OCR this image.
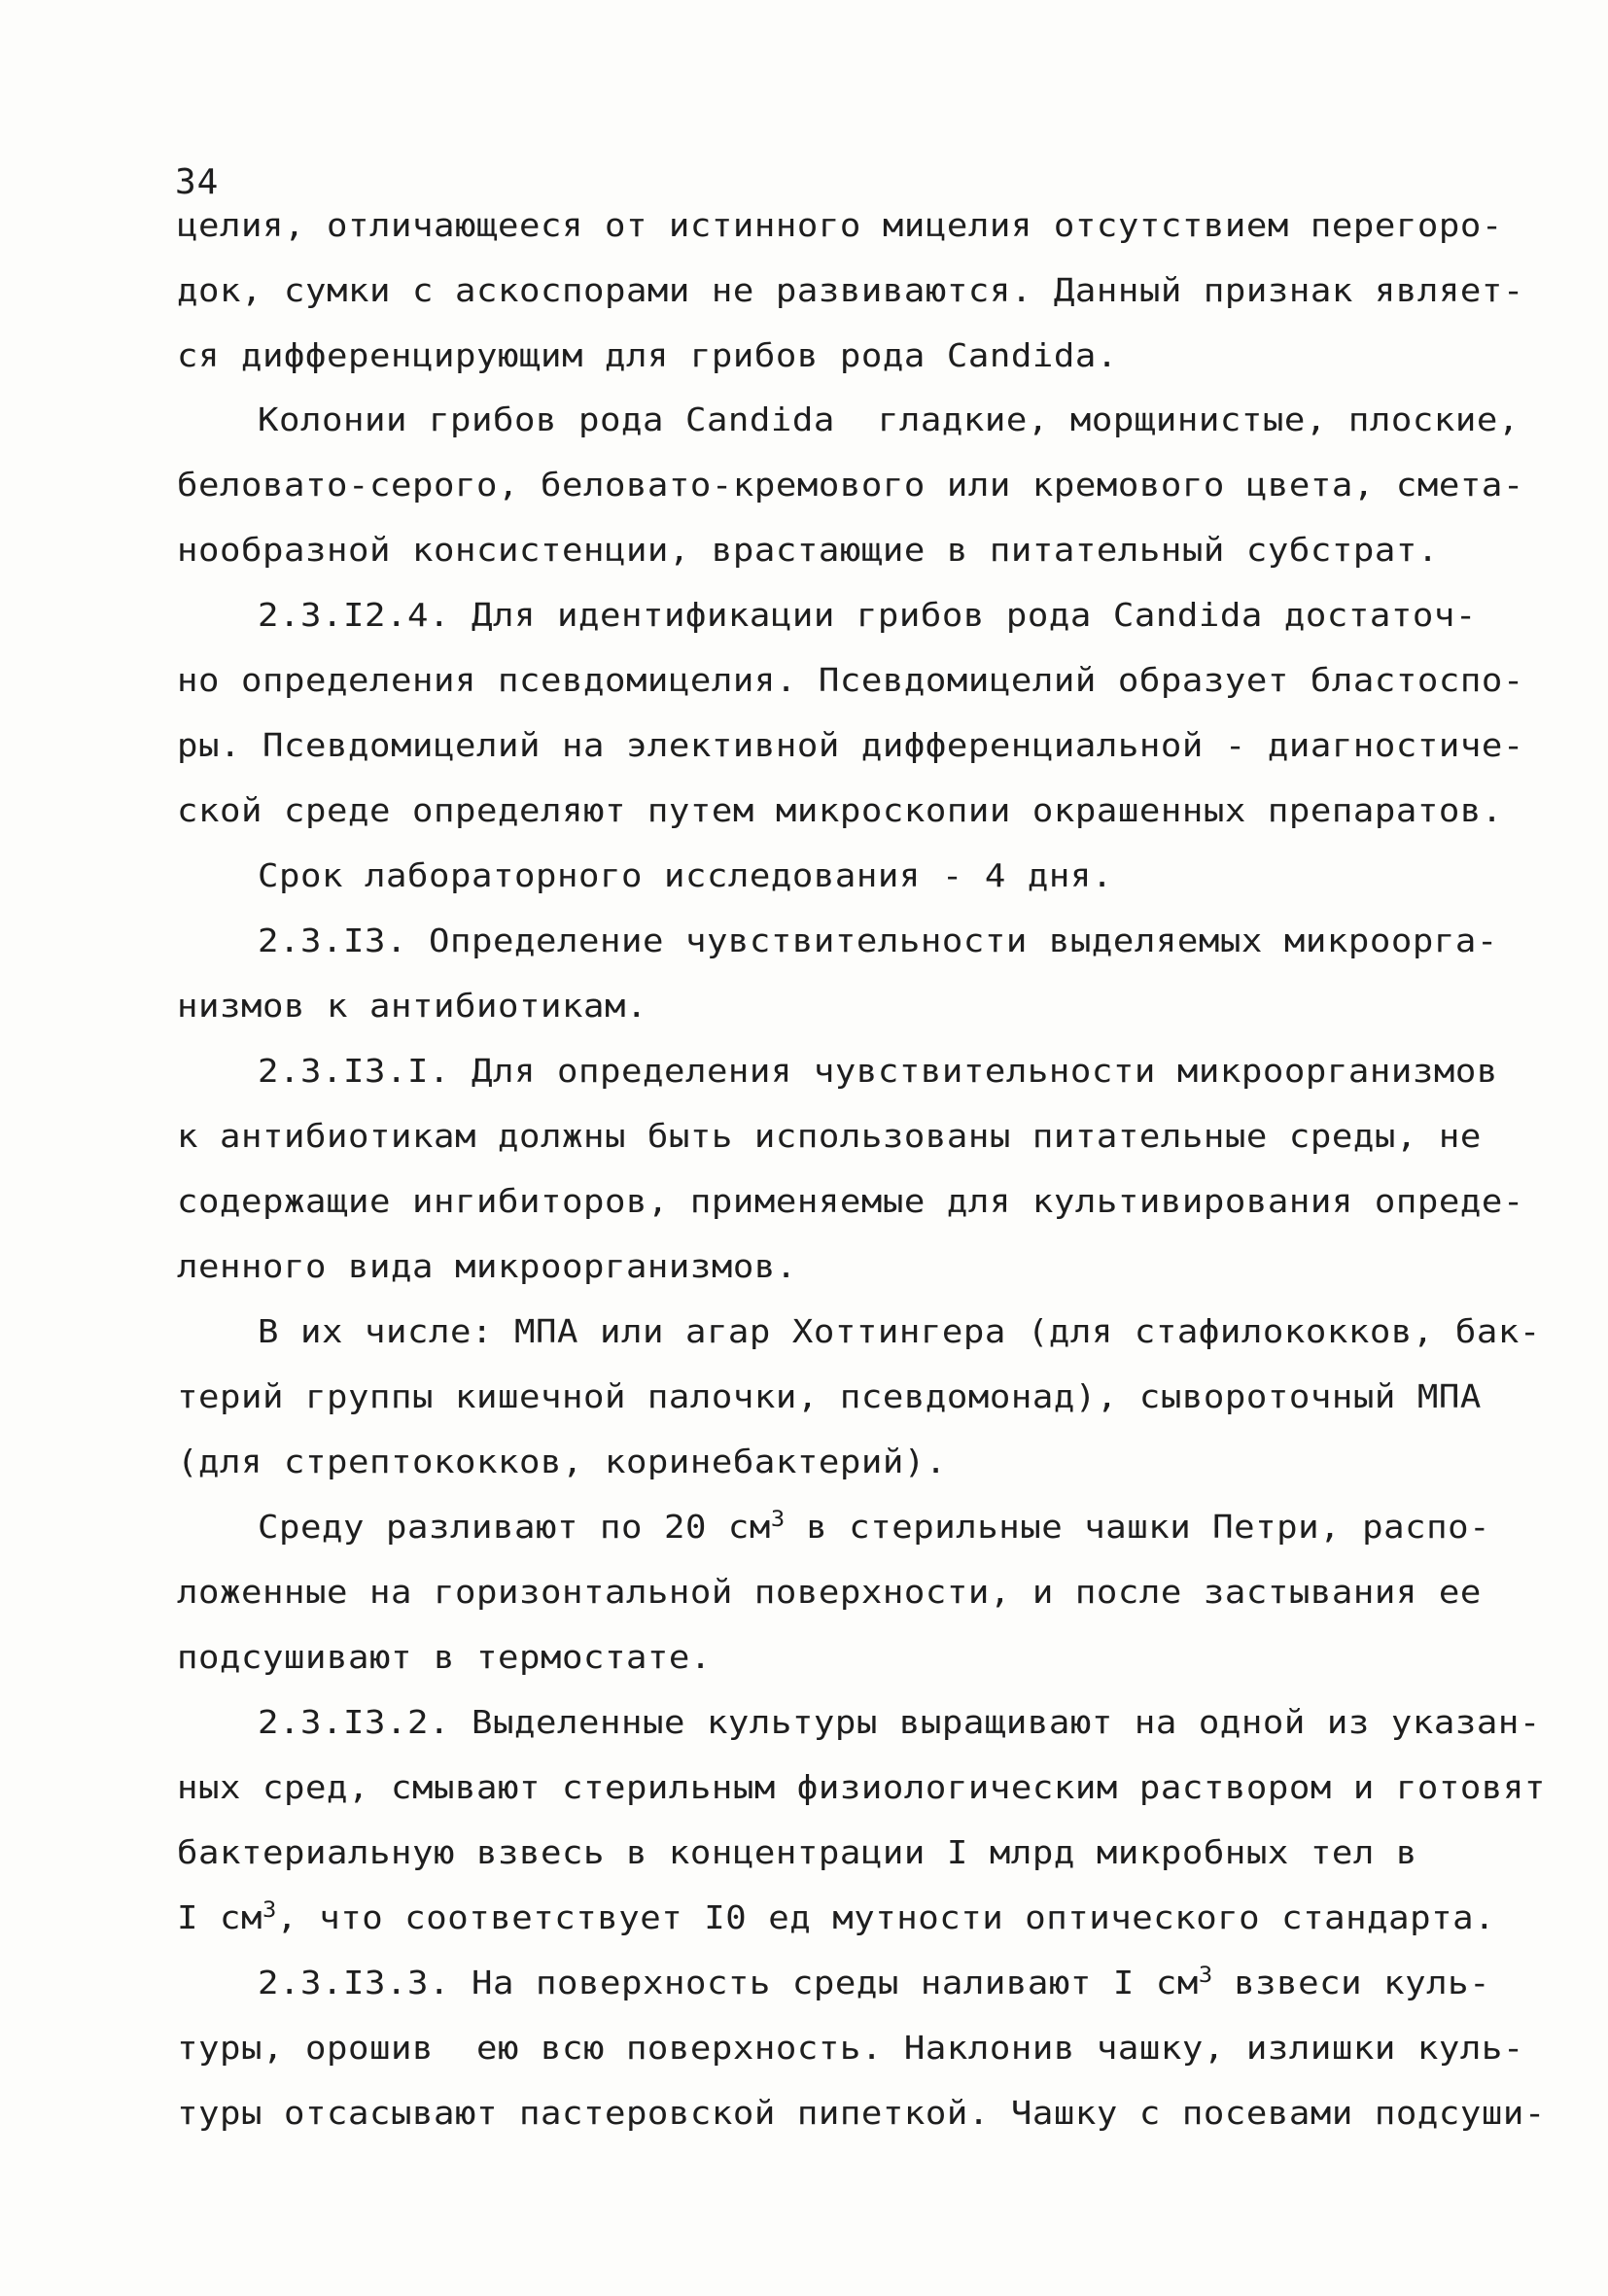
34
целия, отличающееся от истинного мицелия отсутствием перегоро-
док, сумки с аскоспорами не развиваются. Данный признак являет-
ся дифференцирующим для грибов рода Candida.
Колонии грибов рода Candida  гладкие, морщинистые, плоские,
беловато-серого, беловато-кремового или кремового цвета, смета-
нообразной консистенции, врастающие в питательный субстрат.
2.3.I2.4. Для идентификации грибов рода Candida достаточ-
но определения псевдомицелия. Псевдомицелий образует бластоспо-
ры. Псевдомицелий на элективной дифференциальной - диагностиче-
ской среде определяют путем микроскопии окрашенных препаратов.
Срок лабораторного исследования - 4 дня.
2.3.I3. Определение чувствительности выделяемых микроорга-
низмов к антибиотикам.
2.3.I3.I. Для определения чувствительности микроорганизмов
к антибиотикам должны быть использованы питательные среды, не
содержащие ингибиторов, применяемые для культивирования опреде-
ленного вида микроорганизмов.
В их числе: МПА или агар Хоттингера (для стафилококков, бак-
терий группы кишечной палочки, псевдомонад), сывороточный МПА
(для стрептококков, коринебактерий).
Среду разливают по 20 $см^3$ в стерильные чашки Петри, распо-
ложенные на горизонтальной поверхности, и после застывания ее
подсушивают в термостате.
2.3.I3.2. Выделенные культуры выращивают на одной из указан-
ных сред, смывают стерильным физиологическим раствором и готовят
бактериальную взвесь в концентрации I млрд микробных тел в
I $см^3$, что соответствует I0 ед мутности оптического стандарта.
2.3.I3.3. На поверхность среды наливают I $см^3$ взвеси куль-
туры, орошив  ею всю поверхность. Наклонив чашку, излишки куль-
туры отсасывают пастеровской пипеткой. Чашку с посевами подсуши-
